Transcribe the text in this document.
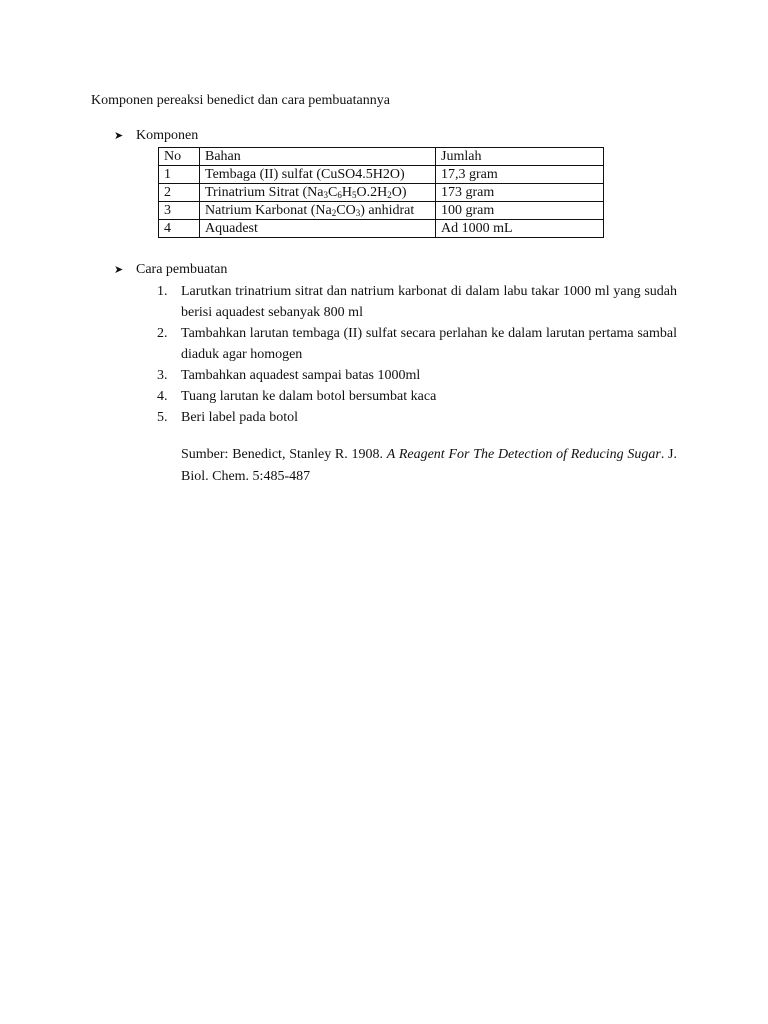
Komponen pereaksi benedict dan cara pembuatannya
➤ Komponen
No	Bahan	Jumlah
1	Tembaga (II) sulfat (CuSO4.5H2O)	17,3 gram
2	Trinatrium Sitrat $(Na_3C_6H_5O.2H_2O)$	173 gram
3	Natrium Karbonat $(Na_2CO_3)$ anhidrat	100 gram
4	Aquadest	Ad 1000 mL
➤ Cara pembuatan
1. Larutkan trinatrium sitrat dan natrium karbonat di dalam labu takar 1000 ml yang sudah berisi aquadest sebanyak 800 ml
2. Tambahkan larutan tembaga (II) sulfat secara perlahan ke dalam larutan pertama sambal diaduk agar homogen
3. Tambahkan aquadest sampai batas 1000ml
4. Tuang larutan ke dalam botol bersumbat kaca
5. Beri label pada botol
Sumber: Benedict, Stanley R. 1908. A Reagent For The Detection of Reducing Sugar. J. Biol. Chem. 5:485-487
